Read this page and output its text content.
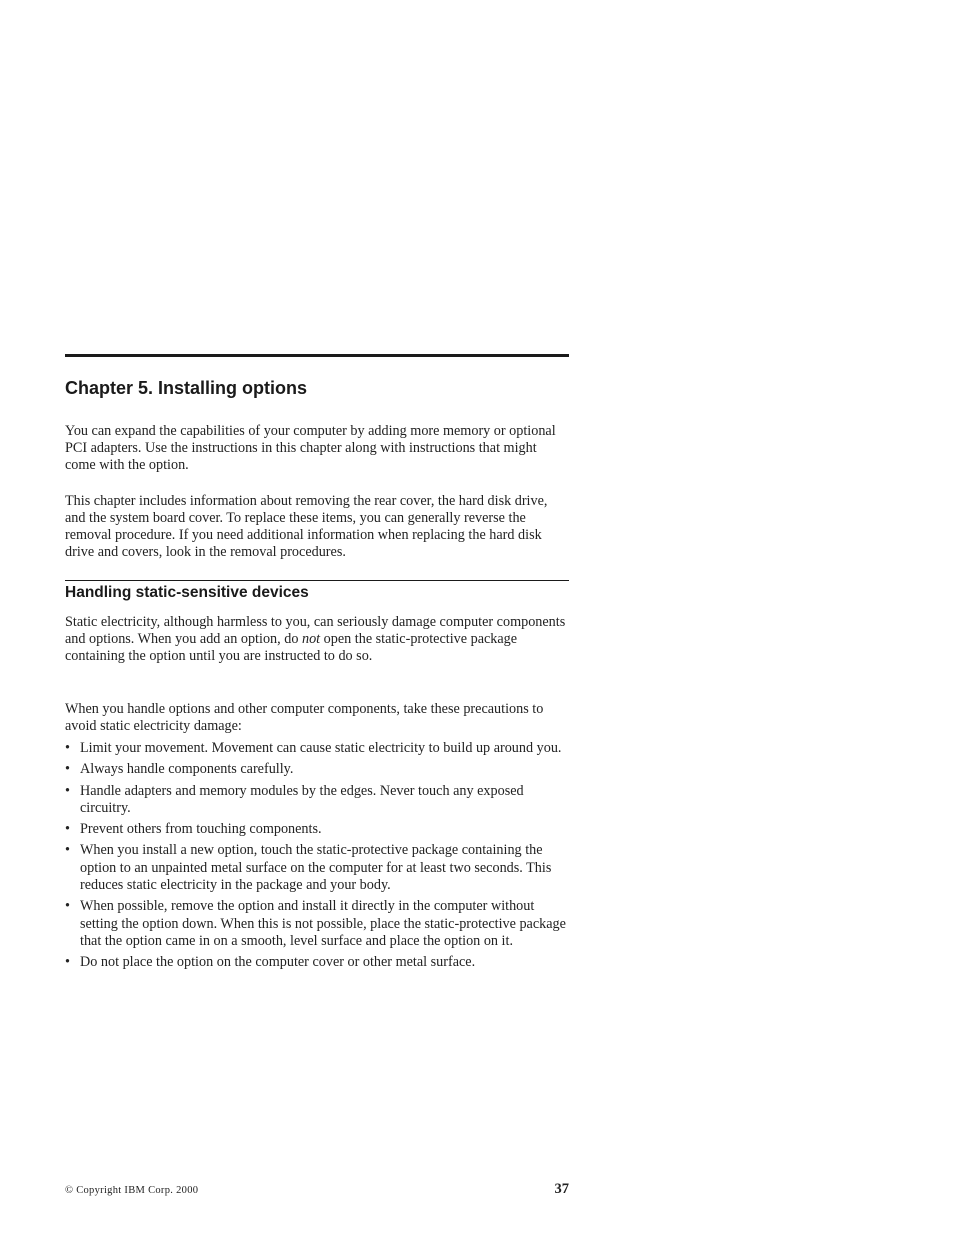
Chapter 5. Installing options

You can expand the capabilities of your computer by adding more memory or optional PCI adapters. Use the instructions in this chapter along with instructions that might come with the option.

This chapter includes information about removing the rear cover, the hard disk drive, and the system board cover. To replace these items, you can generally reverse the removal procedure. If you need additional information when replacing the hard disk drive and covers, look in the removal procedures.

Handling static-sensitive devices

Static electricity, although harmless to you, can seriously damage computer components and options. When you add an option, do not open the static-protective package containing the option until you are instructed to do so.

When you handle options and other computer components, take these precautions to avoid static electricity damage:

• Limit your movement. Movement can cause static electricity to build up around you.
• Always handle components carefully.
• Handle adapters and memory modules by the edges. Never touch any exposed circuitry.
• Prevent others from touching components.
• When you install a new option, touch the static-protective package containing the option to an unpainted metal surface on the computer for at least two seconds. This reduces static electricity in the package and your body.
• When possible, remove the option and install it directly in the computer without setting the option down. When this is not possible, place the static-protective package that the option came in on a smooth, level surface and place the option on it.
• Do not place the option on the computer cover or other metal surface.
© Copyright IBM Corp. 2000	37
